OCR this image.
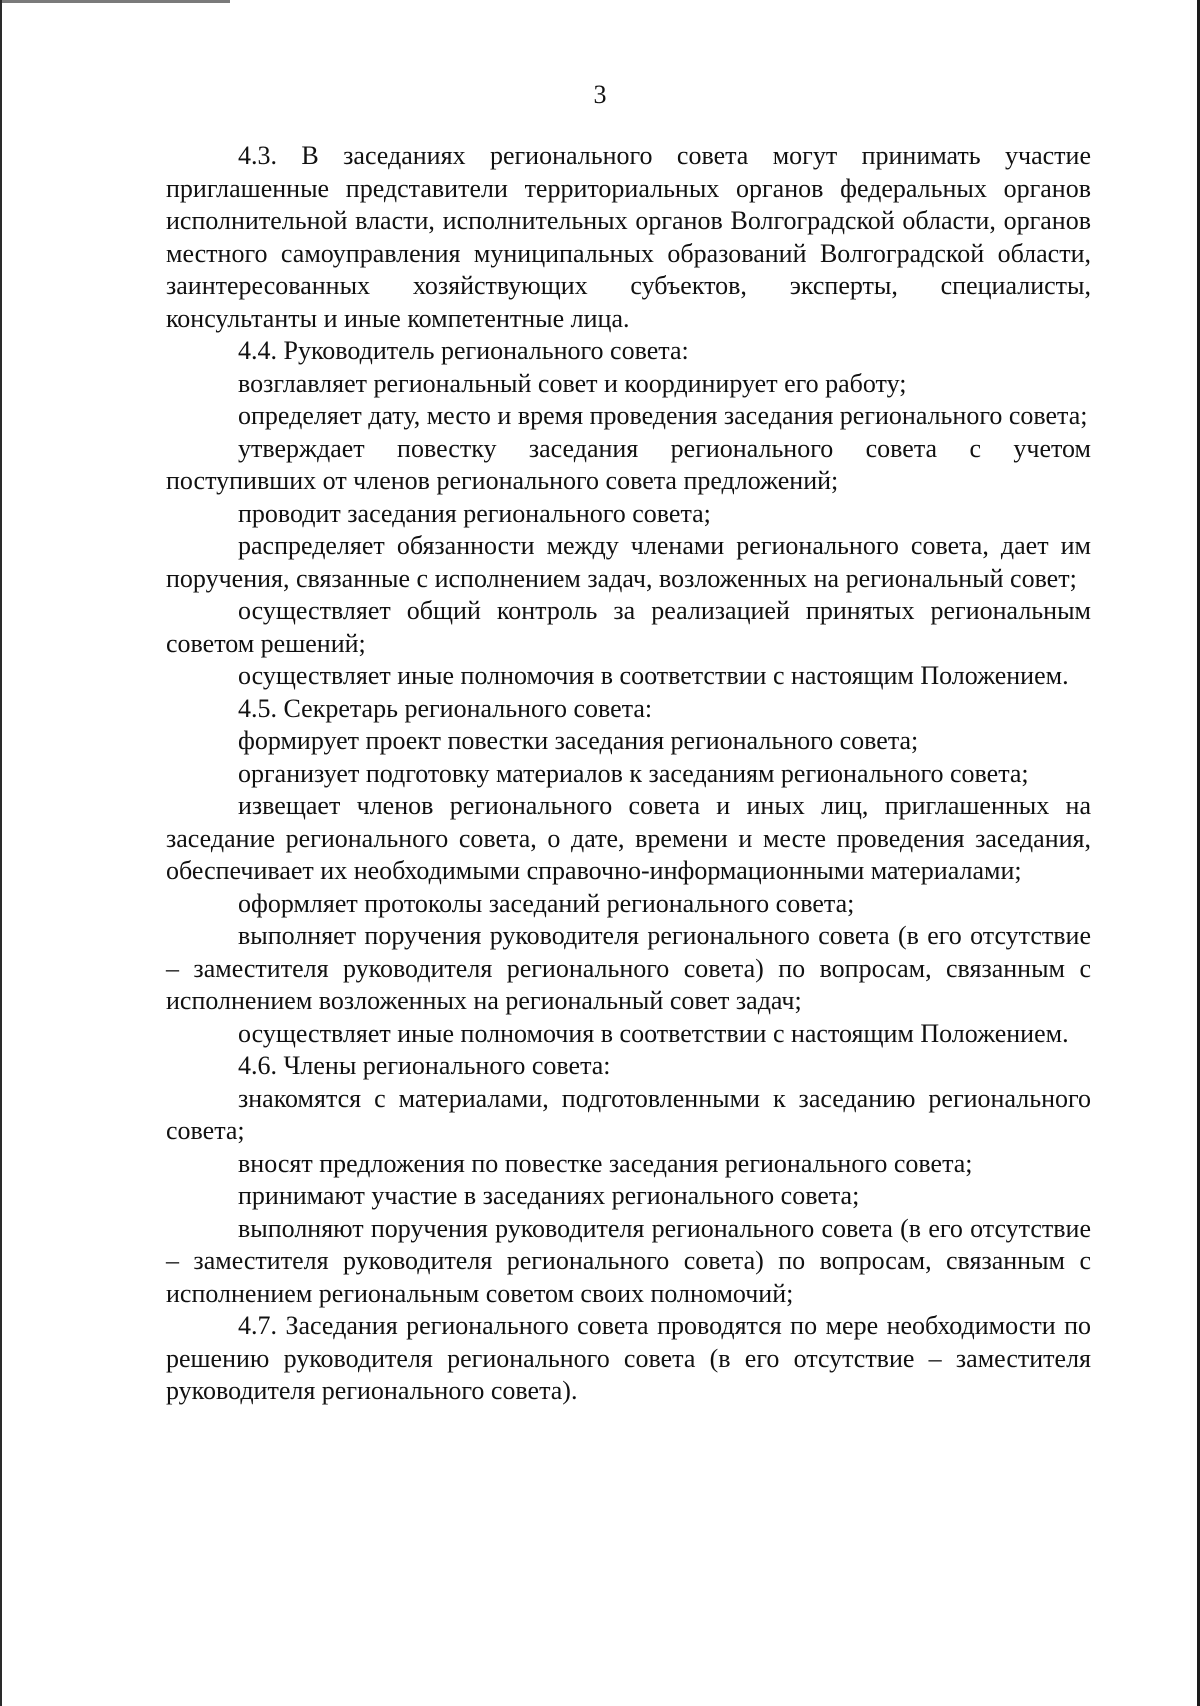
3

4.3. В заседаниях регионального совета могут принимать участие приглашенные представители территориальных органов федеральных органов исполнительной власти, исполнительных органов Волгоградской области, органов местного самоуправления муниципальных образований Волгоградской области, заинтересованных хозяйствующих субъектов, эксперты, специалисты, консультанты и иные компетентные лица.

4.4. Руководитель регионального совета:

возглавляет региональный совет и координирует его работу;

определяет дату, место и время проведения заседания регионального совета;

утверждает повестку заседания регионального совета с учетом поступивших от членов регионального совета предложений;

проводит заседания регионального совета;

распределяет обязанности между членами регионального совета, дает им поручения, связанные с исполнением задач, возложенных на региональный совет;

осуществляет общий контроль за реализацией принятых региональным советом решений;

осуществляет иные полномочия в соответствии с настоящим Положением.

4.5. Секретарь регионального совета:

формирует проект повестки заседания регионального совета;

организует подготовку материалов к заседаниям регионального совета;

извещает членов регионального совета и иных лиц, приглашенных на заседание регионального совета, о дате, времени и месте проведения заседания, обеспечивает их необходимыми справочно-информационными материалами;

оформляет протоколы заседаний регионального совета;

выполняет поручения руководителя регионального совета (в его отсутствие – заместителя руководителя регионального совета) по вопросам, связанным с исполнением возложенных на региональный совет задач;

осуществляет иные полномочия в соответствии с настоящим Положением.

4.6. Члены регионального совета:

знакомятся с материалами, подготовленными к заседанию регионального совета;

вносят предложения по повестке заседания регионального совета;

принимают участие в заседаниях регионального совета;

выполняют поручения руководителя регионального совета (в его отсутствие – заместителя руководителя регионального совета) по вопросам, связанным с исполнением региональным советом своих полномочий;

4.7. Заседания регионального совета проводятся по мере необходимости по решению руководителя регионального совета (в его отсутствие – заместителя руководителя регионального совета).
